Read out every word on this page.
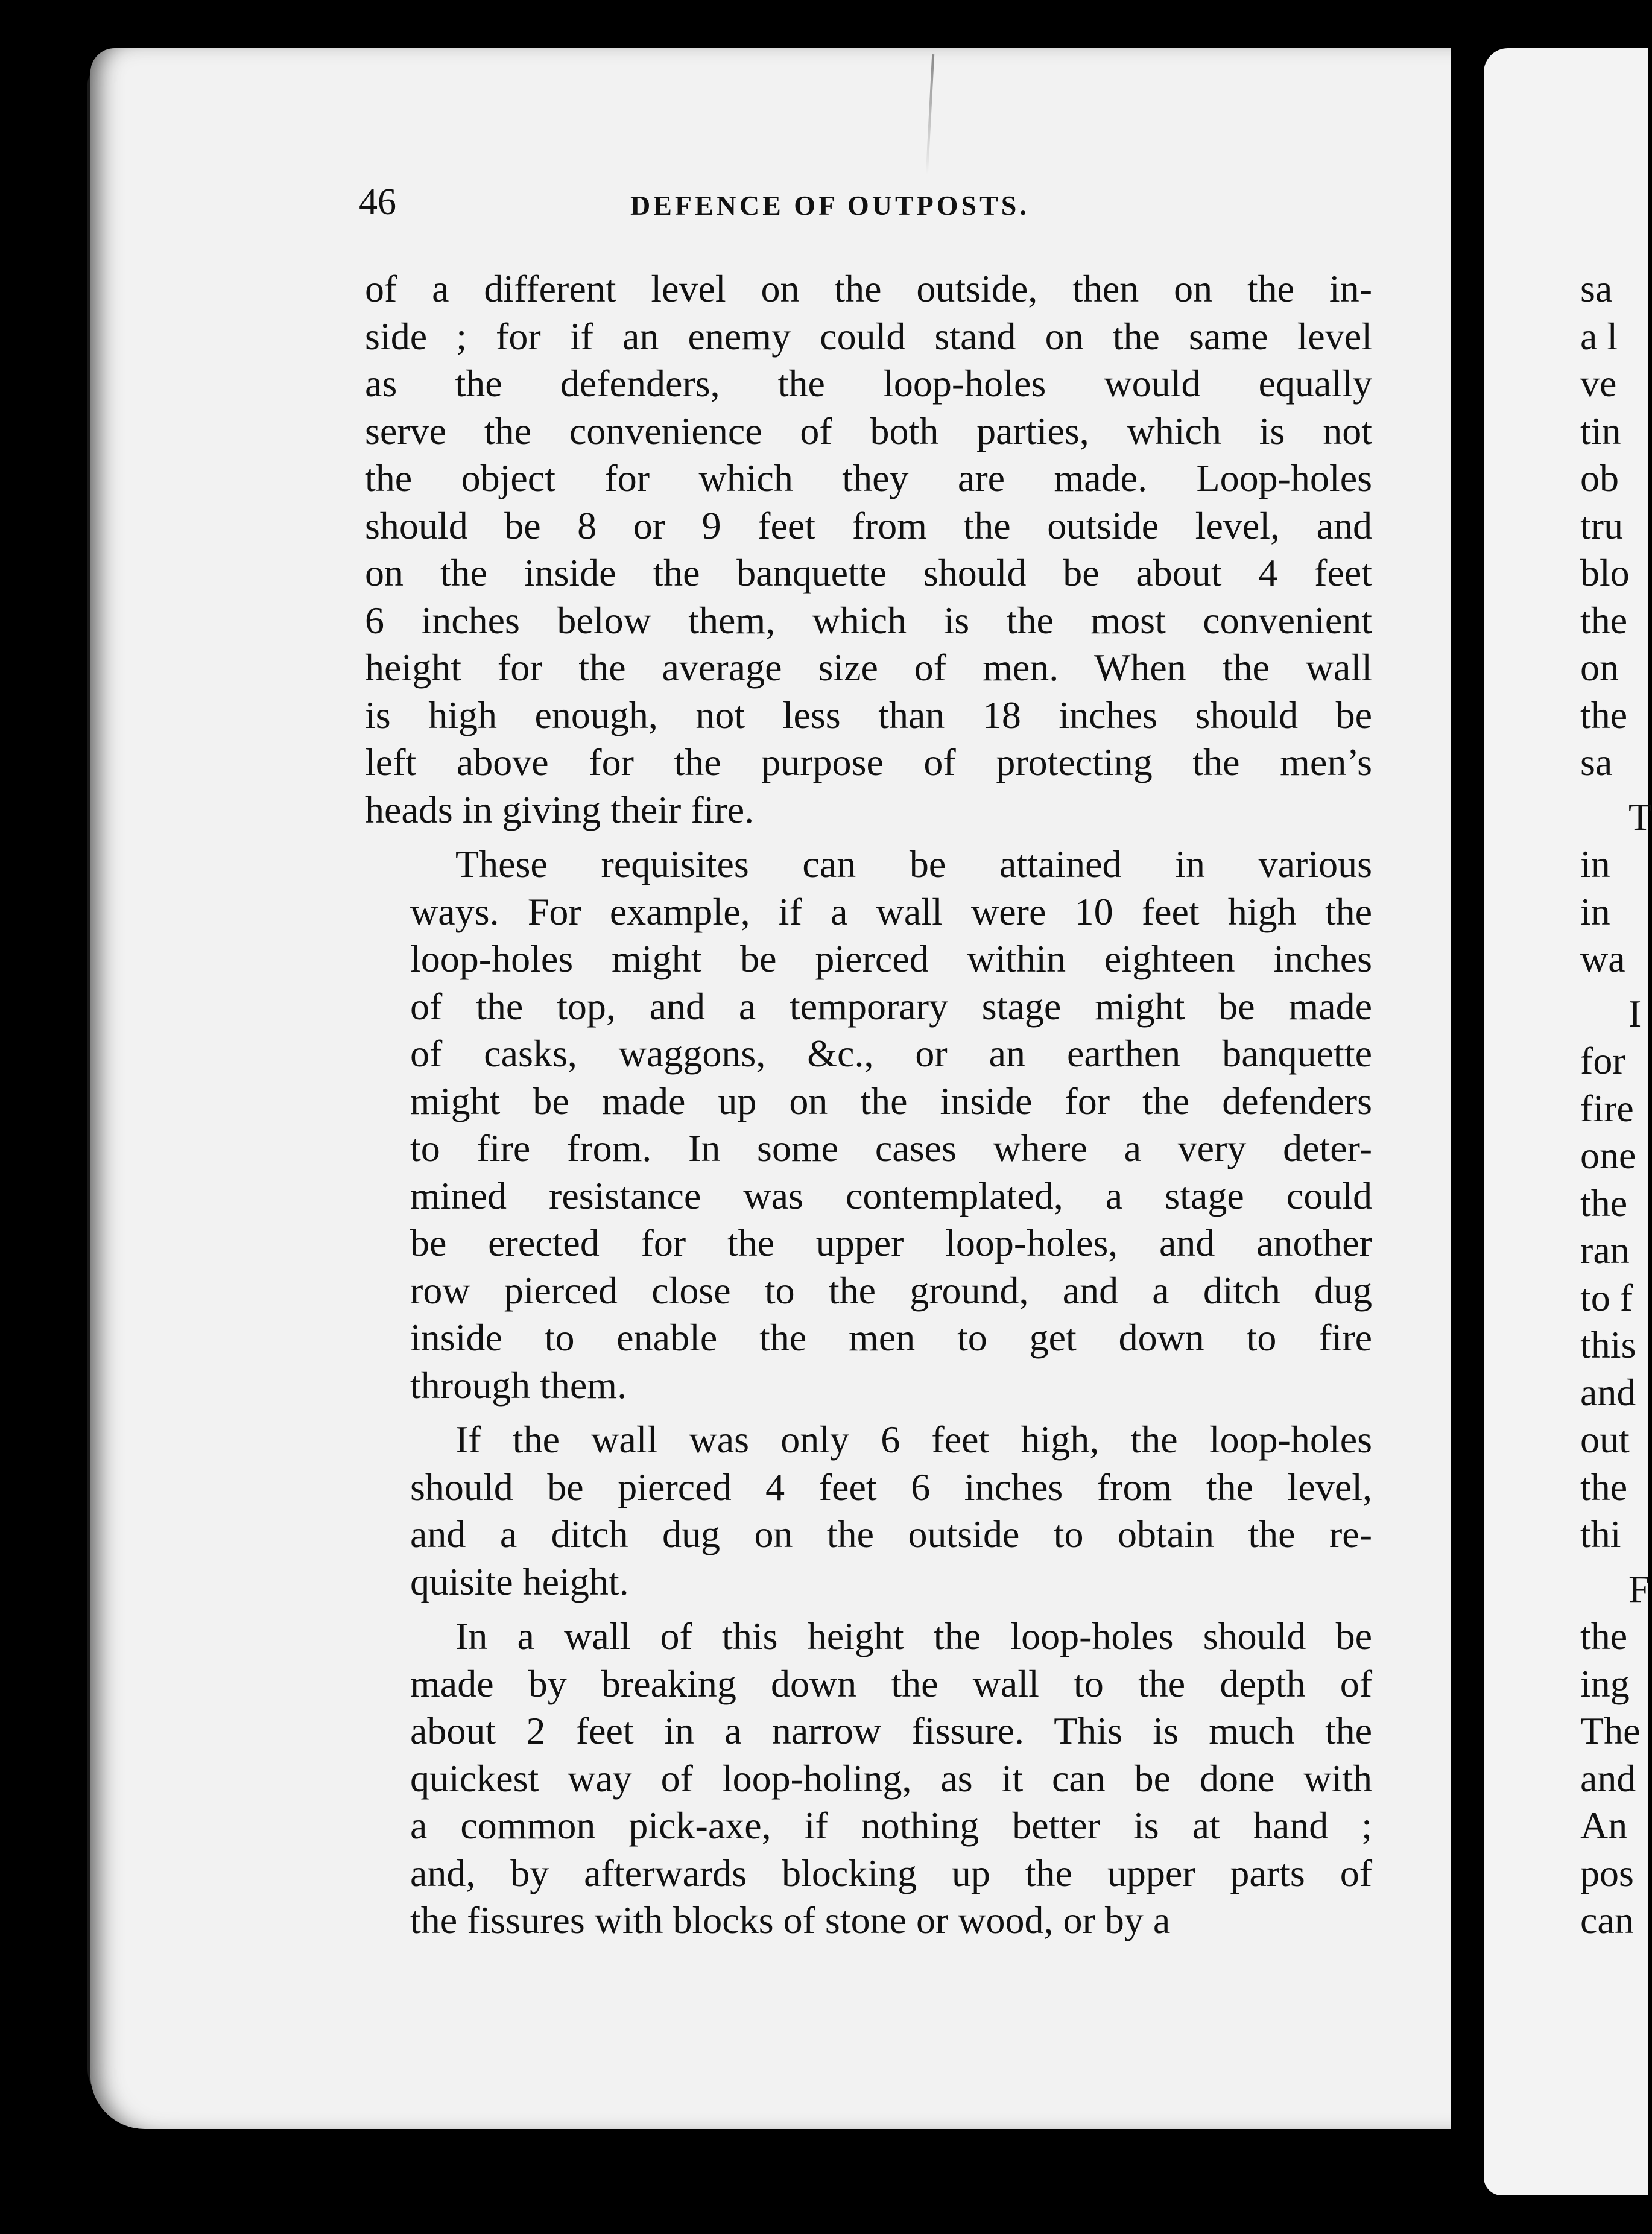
46	DEFENCE OF OUTPOSTS.
of a different level on the outside, then on the in-
side ; for if an enemy could stand on the same level
as the defenders, the loop-holes would equally
serve the convenience of both parties, which is not
the object for which they are made. Loop-holes
should be 8 or 9 feet from the outside level, and
on the inside the banquette should be about 4 feet
6 inches below them, which is the most convenient
height for the average size of men. When the wall
is high enough, not less than 18 inches should be
left above for the purpose of protecting the men’s
heads in giving their fire.
These requisites can be attained in various
ways. For example, if a wall were 10 feet high the
loop-holes might be pierced within eighteen inches
of the top, and a temporary stage might be made
of casks, waggons, &c., or an earthen banquette
might be made up on the inside for the defenders
to fire from. In some cases where a very deter-
mined resistance was contemplated, a stage could
be erected for the upper loop-holes, and another
row pierced close to the ground, and a ditch dug
inside to enable the men to get down to fire
through them.
If the wall was only 6 feet high, the loop-holes
should be pierced 4 feet 6 inches from the level,
and a ditch dug on the outside to obtain the re-
quisite height.
In a wall of this height the loop-holes should be
made by breaking down the wall to the depth of
about 2 feet in a narrow fissure. This is much the
quickest way of loop-holing, as it can be done with
a common pick-axe, if nothing better is at hand ;
and, by afterwards blocking up the upper parts of
the fissures with blocks of stone or wood, or by a
sa
a l
ve
tin
ob
tru
blo
the
on
the
sa
T
in
in
wa
I
for
fire
one
the
ran
to f
this
and
out
the
thi
F
the
ing
The
and
An
pos
can
